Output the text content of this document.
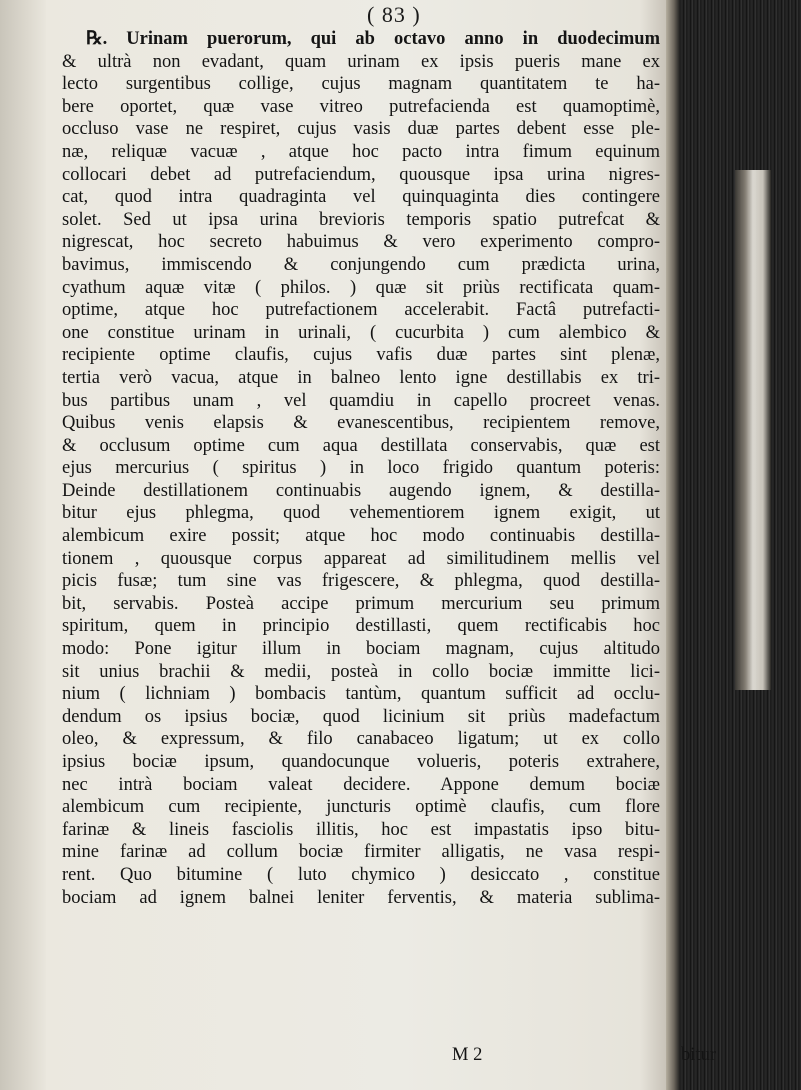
( 83 )
℞. Urinam puerorum, qui ab octavo anno in duodecimum
& ultrà non evadant, quam urinam ex ipsis pueris mane ex
lecto surgentibus collige, cujus magnam quantitatem te ha-
bere oportet, quæ vase vitreo putrefacienda est quamoptimè,
occluso vase ne respiret, cujus vasis duæ partes debent esse ple-
næ, reliquæ vacuæ , atque hoc pacto intra fimum equinum
collocari debet ad putrefaciendum, quousque ipsa urina nigres-
cat, quod intra quadraginta vel quinquaginta dies contingere
solet. Sed ut ipsa urina brevioris temporis spatio putrefcat &
nigrescat, hoc secreto habuimus & vero experimento compro-
bavimus, immiscendo & conjungendo cum prædicta urina,
cyathum aquæ vitæ ( philos. ) quæ sit priùs rectificata quam-
optime, atque hoc putrefactionem accelerabit. Factâ putrefacti-
one constitue urinam in urinali, ( cucurbita ) cum alembico &
recipiente optime claufis, cujus vafis duæ partes sint plenæ,
tertia verò vacua, atque in balneo lento igne destillabis ex tri-
bus partibus unam , vel quamdiu in capello procreet venas.
Quibus venis elapsis & evanescentibus, recipientem remove,
& occlusum optime cum aqua destillata conservabis, quæ est
ejus mercurius ( spiritus ) in loco frigido quantum poteris:
Deinde destillationem continuabis augendo ignem, & destilla-
bitur ejus phlegma, quod vehementiorem ignem exigit, ut
alembicum exire possit; atque hoc modo continuabis destilla-
tionem , quousque corpus appareat ad similitudinem mellis vel
picis fusæ; tum sine vas frigescere, & phlegma, quod destilla-
bit, servabis. Posteà accipe primum mercurium seu primum
spiritum, quem in principio destillasti, quem rectificabis hoc
modo: Pone igitur illum in bociam magnam, cujus altitudo
sit unius brachii & medii, posteà in collo bociæ immitte lici-
nium ( lichniam ) bombacis tantùm, quantum sufficit ad occlu-
dendum os ipsius bociæ, quod licinium sit priùs madefactum
oleo, & expressum, & filo canabaceo ligatum; ut ex collo
ipsius bociæ ipsum, quandocunque volueris, poteris extrahere,
nec intrà bociam valeat decidere. Appone demum bociæ
alembicum cum recipiente, juncturis optimè claufis, cum flore
farinæ & lineis fasciolis illitis, hoc est impastatis ipso bitu-
mine farinæ ad collum bociæ firmiter alligatis, ne vasa respi-
rent. Quo bitumine ( luto chymico ) desiccato , constitue
bociam ad ignem balnei leniter ferventis, & materia sublima-
M 2	bitur
